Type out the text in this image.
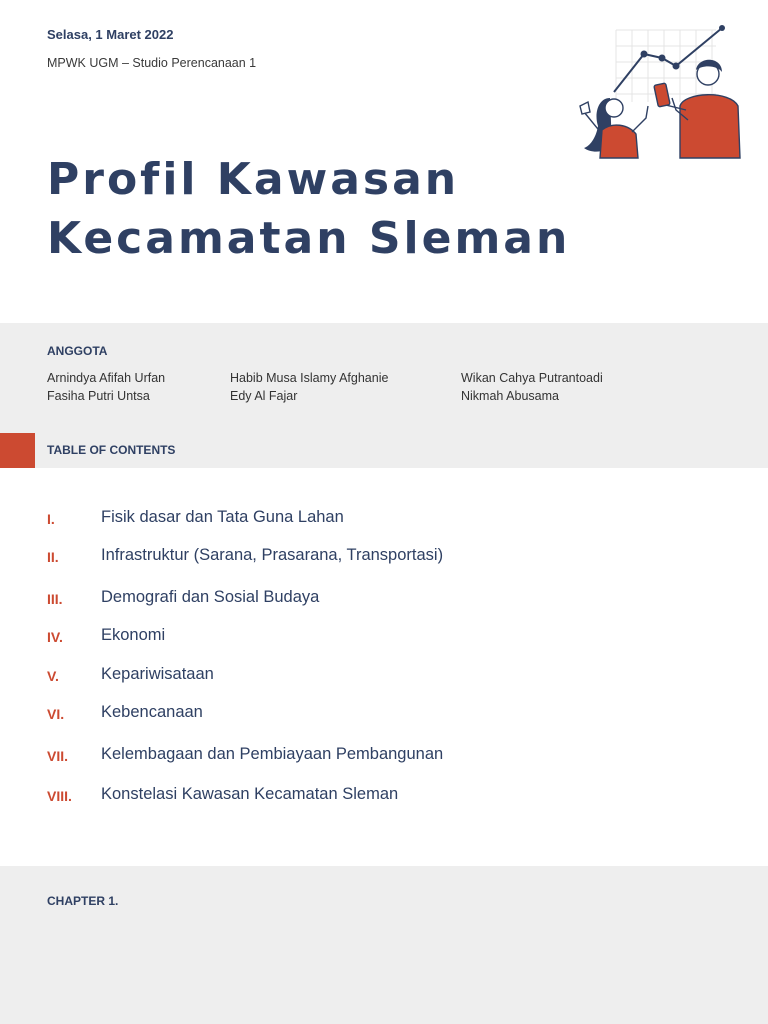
Selasa, 1 Maret 2022
MPWK UGM – Studio Perencanaan 1
Profil Kawasan
Kecamatan Sleman
ANGGOTA
Arnindya Afifah Urfan
Fasiha Putri Untsa
Habib Musa Islamy Afghanie
Edy Al Fajar
Wikan Cahya Putrantoadi
Nikmah Abusama
TABLE OF CONTENTS
I.	Fisik dasar dan Tata Guna Lahan
II.	Infrastruktur (Sarana, Prasarana, Transportasi)
III. Demografi dan Sosial Budaya
IV. Ekonomi
V.	Kepariwisataan
VI. Kebencanaan
VII. Kelembagaan dan Pembiayaan Pembangunan
VIII. Konstelasi Kawasan Kecamatan Sleman
CHAPTER 1.
